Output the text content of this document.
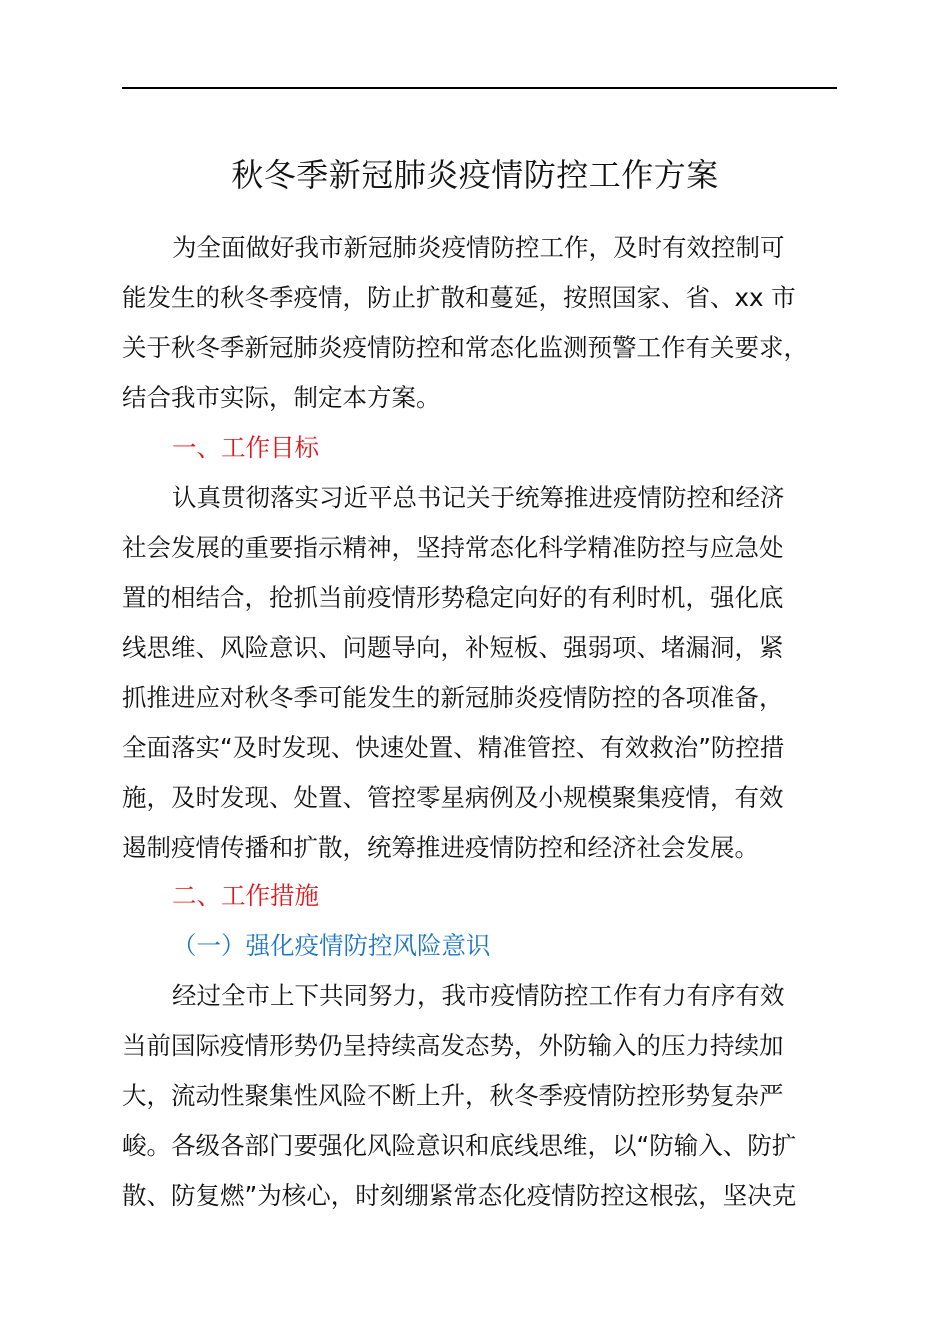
秋冬季新冠肺炎疫情防控工作方案
为全面做好我市新冠肺炎疫情防控工作，及时有效控制可
能发生的秋冬季疫情，防止扩散和蔓延，按照国家、省、xx 市
关于秋冬季新冠肺炎疫情防控和常态化监测预警工作有关要求，
结合我市实际，制定本方案。
一、工作目标
认真贯彻落实习近平总书记关于统筹推进疫情防控和经济
社会发展的重要指示精神，坚持常态化科学精准防控与应急处
置的相结合，抢抓当前疫情形势稳定向好的有利时机，强化底
线思维、风险意识、问题导向，补短板、强弱项、堵漏洞，紧
抓推进应对秋冬季可能发生的新冠肺炎疫情防控的各项准备，
全面落实“及时发现、快速处置、精准管控、有效救治”防控措
施，及时发现、处置、管控零星病例及小规模聚集疫情，有效
遏制疫情传播和扩散，统筹推进疫情防控和经济社会发展。
二、工作措施
（一）强化疫情防控风险意识
经过全市上下共同努力，我市疫情防控工作有力有序有效
当前国际疫情形势仍呈持续高发态势，外防输入的压力持续加
大，流动性聚集性风险不断上升，秋冬季疫情防控形势复杂严
峻。各级各部门要强化风险意识和底线思维，以“防输入、防扩
散、防复燃”为核心，时刻绷紧常态化疫情防控这根弦，坚决克
